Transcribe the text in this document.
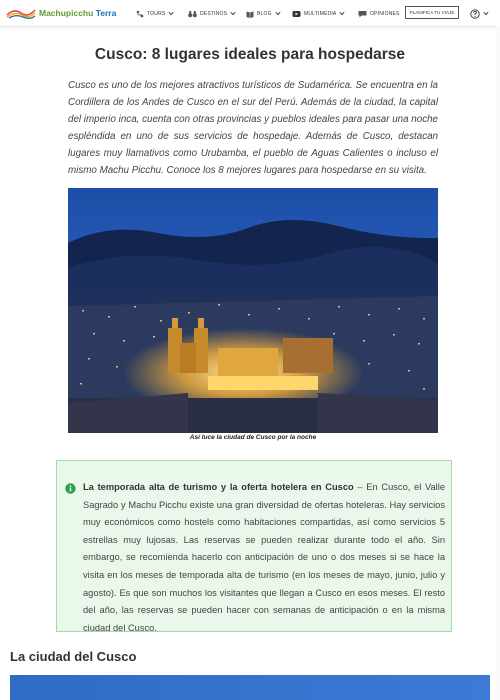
Machupicchu Terra	TOURS	DESTINOS	BLOG	MULTIMEDIA	OPINIONES	PLANIFICA TU VIAJE
Cusco: 8 lugares ideales para hospedarse

Cusco es uno de los mejores atractivos turísticos de Sudamérica. Se encuentra en la Cordillera de los Andes de Cusco en el sur del Perú. Además de la ciudad, la capital del imperio inca, cuenta con otras provincias y pueblos ideales para pasar una noche espléndida en uno de sus servicios de hospedaje. Además de Cusco, destacan lugares muy llamativos como Urubamba, el pueblo de Aguas Calientes o incluso el mismo Machu Picchu. Conoce los 8 mejores lugares para hospedarse en su visita.

Así luce la ciudad de Cusco por la noche

La temporada alta de turismo y la oferta hotelera en Cusco – En Cusco, el Valle Sagrado y Machu Picchu existe una gran diversidad de ofertas hoteleras. Hay servicios muy económicos como hostels como habitaciones compartidas, así como servicios 5 estrellas muy lujosas. Las reservas se pueden realizar durante todo el año. Sin embargo, se recomienda hacerlo con anticipación de uno o dos meses si se hace la visita en los meses de temporada alta de turismo (en los meses de mayo, junio, julio y agosto). Es que son muchos los visitantes que llegan a Cusco en esos meses. El resto del año, las reservas se pueden hacer con semanas de anticipación o en la misma ciudad del Cusco.

La ciudad del Cusco
